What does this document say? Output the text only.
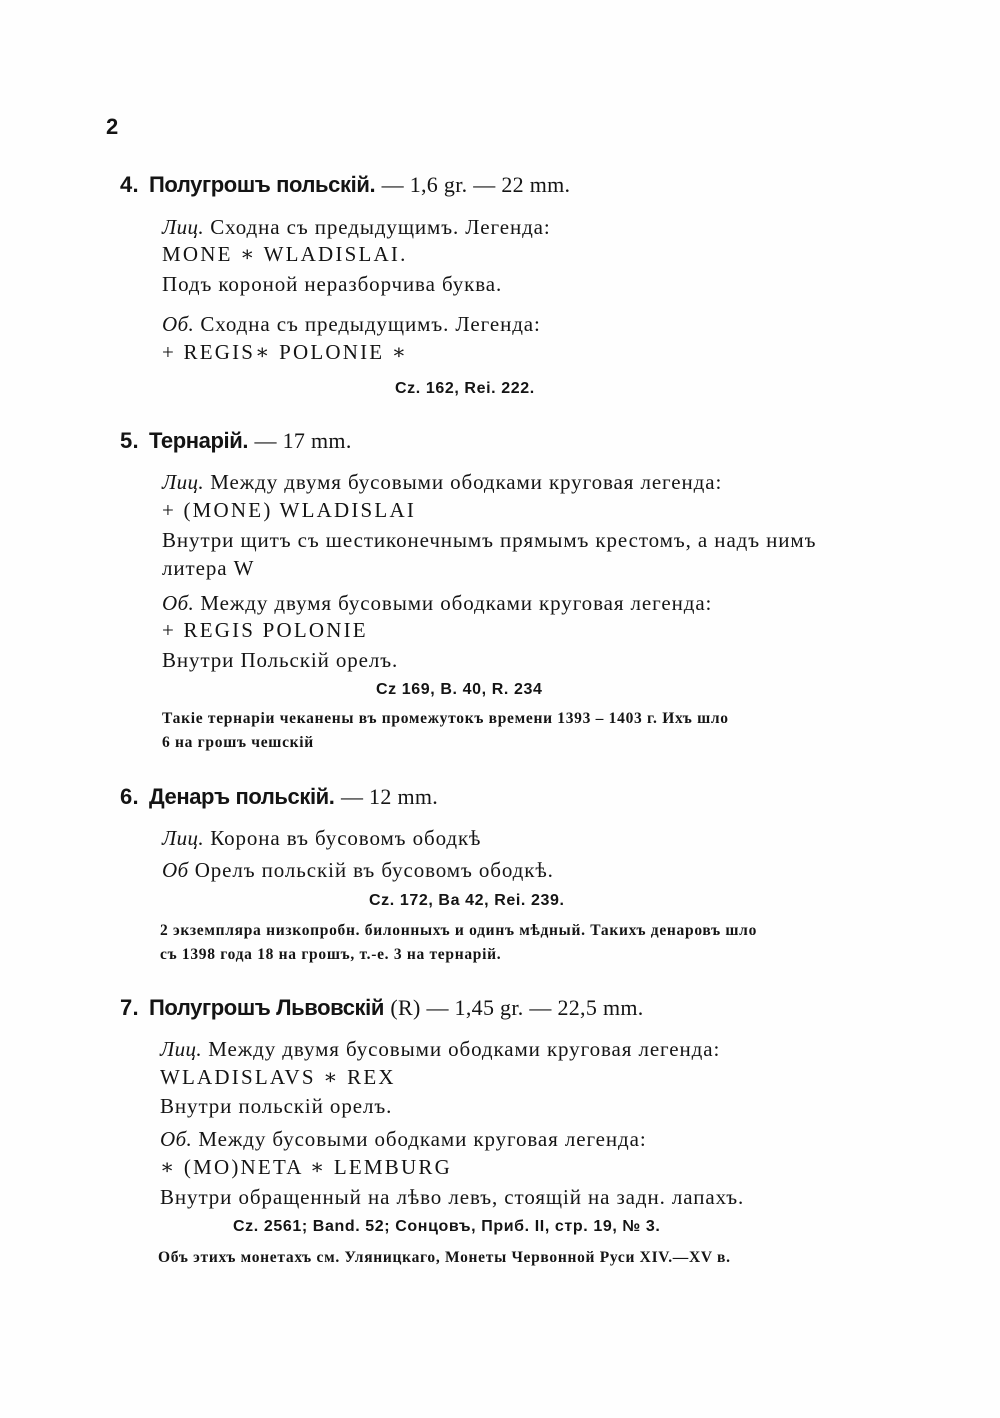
2
4. Полугрошъ польскій. — 1,6 gr. — 22 mm.
Лиц. Сходна съ предыдущимъ. Легенда:
MONE ∗ WLADISLAI.
Подъ короной неразборчива буква.
Об. Сходна съ предыдущимъ. Легенда:
+ REGIS∗ POLONIE ∗
Cz. 162, Rei. 222.
5. Тернарій. — 17 mm.
Лиц. Между двумя бусовыми ободками круговая легенда:
+ (MONE) WLADISLAI
Внутри щитъ съ шестиконечнымъ прямымъ крестомъ, а надъ нимъ
литера W
Об. Между двумя бусовыми ободками круговая легенда:
+ REGIS POLONIE
Внутри Польскій орелъ.
Cz 169, B. 40, R. 234
Такіе тернаріи чеканены въ промежутокъ времени 1393 – 1403 г. Ихъ шло
6 на грошъ чешскій
6. Денаръ польскій. — 12 mm.
Лиц. Корона въ бусовомъ ободкѣ
Об Орелъ польскій въ бусовомъ ободкѣ.
Cz. 172, Ba 42, Rei. 239.
2 экземпляра низкопробн. билонныхъ и одинъ мѣдный. Такихъ денаровъ шло
съ 1398 года 18 на грошъ, т.-е. 3 на тернарій.
7. Полугрошъ Львовскій (R) — 1,45 gr. — 22,5 mm.
Лиц. Между двумя бусовыми ободками круговая легенда:
WLADISLAVS ∗ REX
Внутри польскій орелъ.
Об. Между бусовыми ободками круговая легенда:
∗ (MO)NETA ∗ LEMBURG
Внутри обращенный на лѣво левъ, стоящій на задн. лапахъ.
Cz. 2561; Band. 52; Сонцовъ, Приб. II, стр. 19, № 3.
Объ этихъ монетахъ см. Уляницкаго, Монеты Червонной Руси XIV.—XV в.
